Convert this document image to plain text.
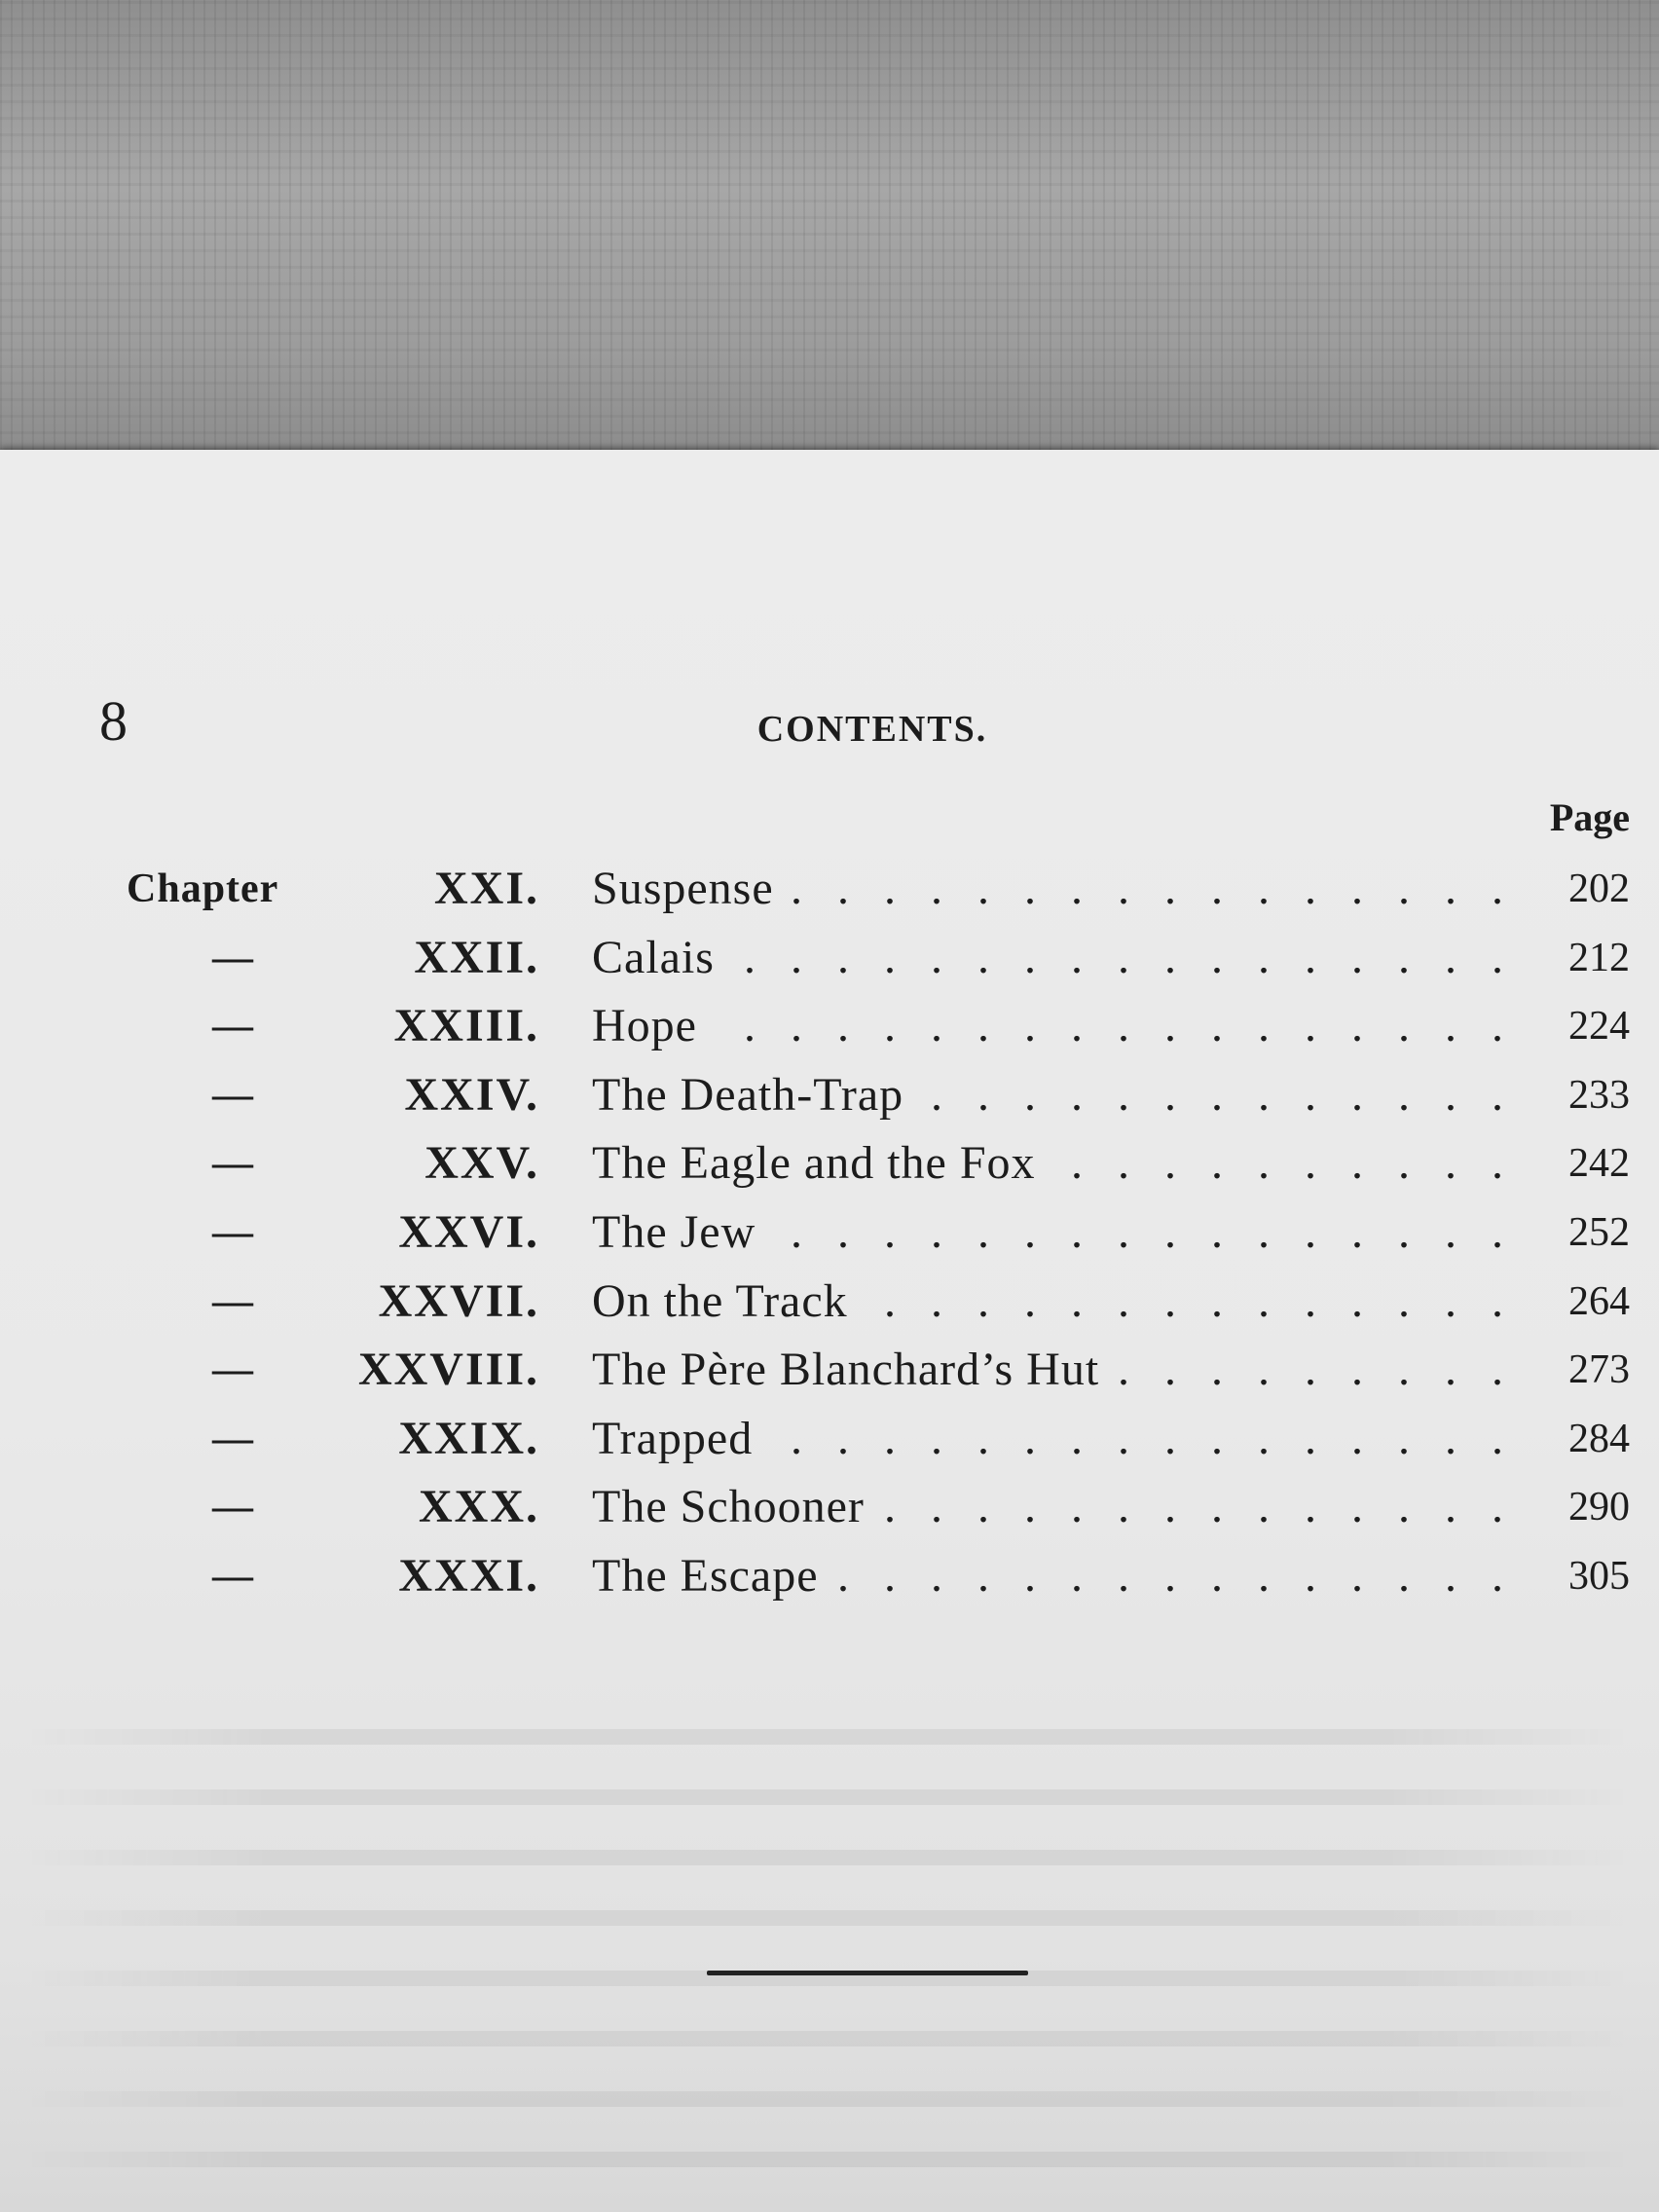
8	CONTENTS.
Page
Chapter	XXI. Suspense . .	202
—	XXII. Calais . .	212
—	XXIII. Hope . .	224
—	XXIV. The Death-Trap . .	233
—	XXV. The Eagle and the Fox . .	242
—	XXVI. The Jew . .	252
—	XXVII. On the Track . .	264
— XXVIII. The Père Blanchard’s Hut . .	273
—	XXIX. Trapped . .	284
—	XXX. The Schooner . .	290
—	XXXI. The Escape . .	305
